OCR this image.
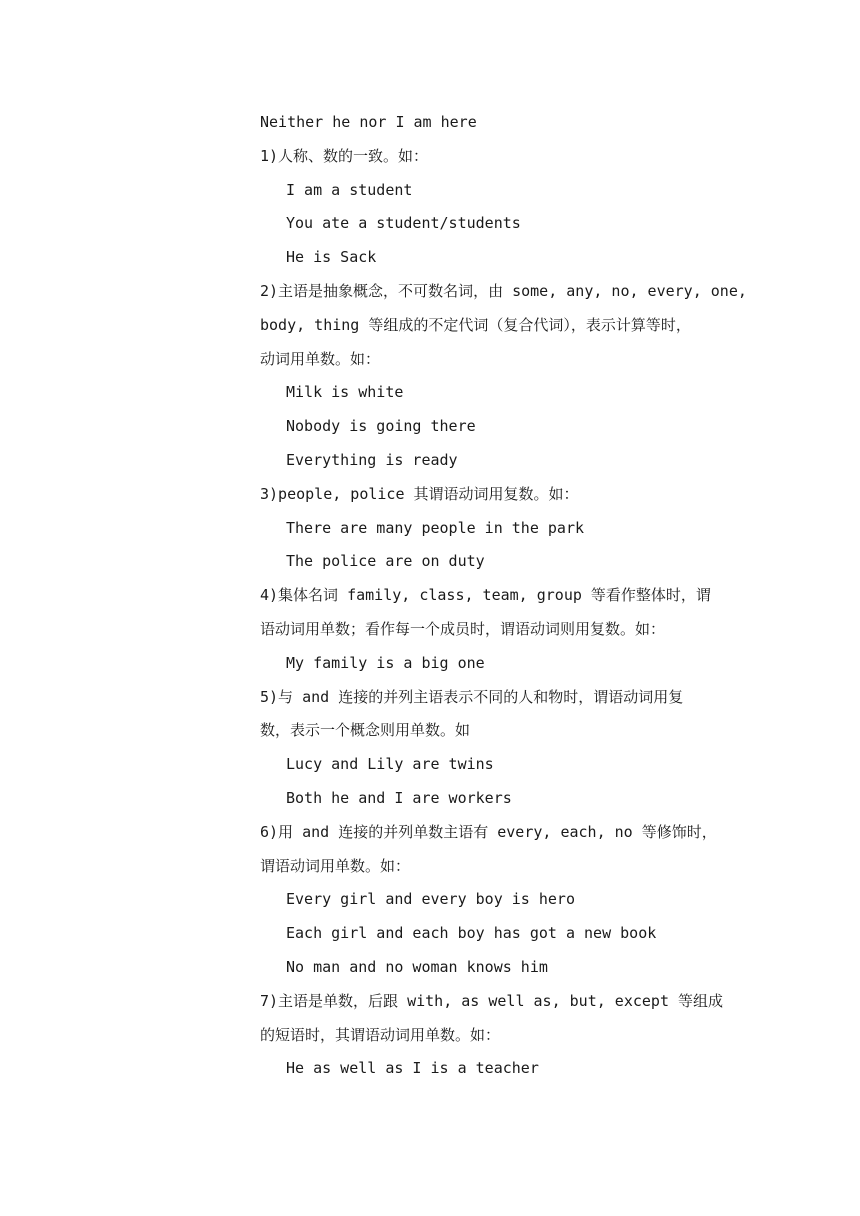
Neither he nor I am here
1)人称、数的一致。如：
I am a student
You ate a student/students
He is Sack
2)主语是抽象概念，不可数名词，由 some, any, no, every, one,
body, thing 等组成的不定代词（复合代词），表示计算等时，
动词用单数。如：
Milk is white
Nobody is going there
Everything is ready
3)people, police 其谓语动词用复数。如：
There are many people in the park
The police are on duty
4)集体名词 family, class, team, group 等看作整体时，谓
语动词用单数；看作每一个成员时，谓语动词则用复数。如：
My family is a big one
5)与 and 连接的并列主语表示不同的人和物时，谓语动词用复
数，表示一个概念则用单数。如
Lucy and Lily are twins
Both he and I are workers
6)用 and 连接的并列单数主语有 every, each, no 等修饰时，
谓语动词用单数。如：
Every girl and every boy is hero
Each girl and each boy has got a new book
No man and no woman knows him
7)主语是单数，后跟 with, as well as, but, except 等组成
的短语时，其谓语动词用单数。如：
He as well as I is a teacher
